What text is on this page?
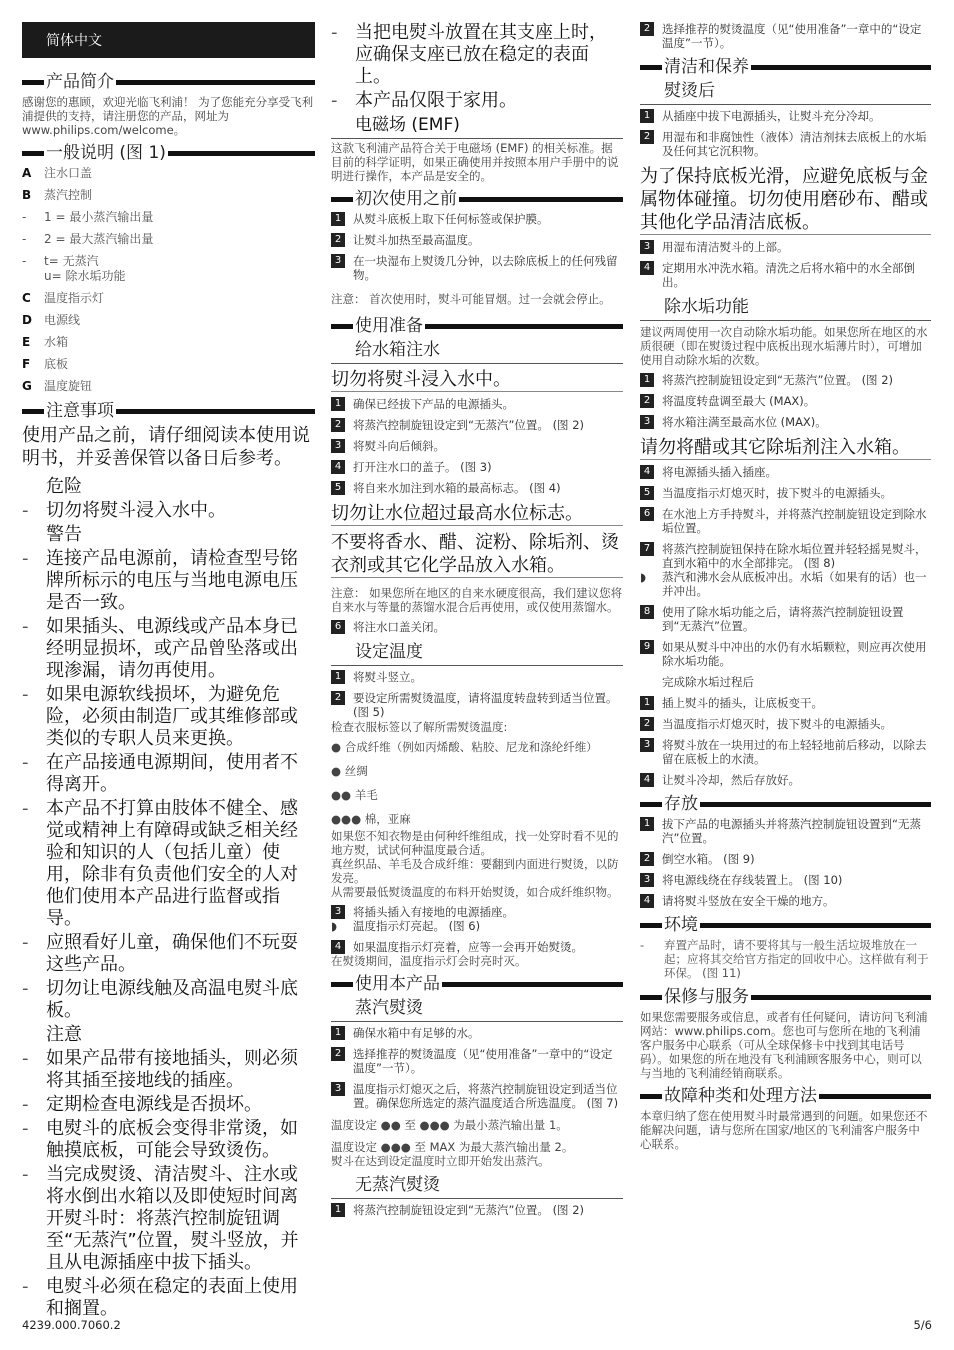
简体中文
产品简介
感谢您的惠顾，欢迎光临飞利浦！ 为了您能充分享受飞利浦提供的支持，请注册您的产品，网址为 www.philips.com/welcome。
一般说明 (图 1)
A	注水口盖
B	蒸汽控制
-	1 = 最小蒸汽输出量
-	2 = 最大蒸汽输出量
-	t= 无蒸汽
u= 除水垢功能
C	温度指示灯
D	电源线
E	水箱
F	底板
G	温度旋钮
注意事项
使用产品之前，请仔细阅读本使用说明书，并妥善保管以备日后参考。
危险
- 切勿将熨斗浸入水中。
警告
- 连接产品电源前，请检查型号铭牌所标示的电压与当地电源电压是否一致。
- 如果插头、电源线或产品本身已经明显损坏，或产品曾坠落或出现渗漏，请勿再使用。
- 如果电源软线损坏，为避免危险，必须由制造厂或其维修部或类似的专职人员来更换。
- 在产品接通电源期间，使用者不得离开。
- 本产品不打算由肢体不健全、感觉或精神上有障碍或缺乏相关经验和知识的人（包括儿童）使用，除非有负责他们安全的人对他们使用本产品进行监督或指导。
- 应照看好儿童，确保他们不玩耍这些产品。
- 切勿让电源线触及高温电熨斗底板。
注意
- 如果产品带有接地插头，则必须将其插至接地线的插座。
- 定期检查电源线是否损坏。
- 电熨斗的底板会变得非常烫，如触摸底板，可能会导致烫伤。
- 当完成熨烫、清洁熨斗、注水或将水倒出水箱以及即使短时间离开熨斗时：将蒸汽控制旋钮调至“无蒸汽”位置，熨斗竖放，并且从电源插座中拔下插头。
- 电熨斗必须在稳定的表面上使用和搁置。
- 当把电熨斗放置在其支座上时，应确保支座已放在稳定的表面上。
- 本产品仅限于家用。
电磁场 (EMF)
这款飞利浦产品符合关于电磁场 (EMF) 的相关标准。据目前的科学证明，如果正确使用并按照本用户手册中的说明进行操作，本产品是安全的。
初次使用之前
1	从熨斗底板上取下任何标签或保护膜。
2	让熨斗加热至最高温度。
3	在一块湿布上熨烫几分钟，以去除底板上的任何残留物。
注意： 首次使用时，熨斗可能冒烟。过一会就会停止。
使用准备
给水箱注水
切勿将熨斗浸入水中。
1	确保已经拔下产品的电源插头。
2	将蒸汽控制旋钮设定到“无蒸汽”位置。 (图 2)
3	将熨斗向后倾斜。
4	打开注水口的盖子。 (图 3)
5	将自来水加注到水箱的最高标志。 (图 4)
切勿让水位超过最高水位标志。
不要将香水、醋、淀粉、除垢剂、烫衣剂或其它化学品放入水箱。
注意： 如果您所在地区的自来水硬度很高，我们建议您将自来水与等量的蒸馏水混合后再使用，或仅使用蒸馏水。
6	将注水口盖关闭。
设定温度
1	将熨斗竖立。
2	要设定所需熨烫温度，请将温度转盘转到适当位置。 (图 5)
检查衣服标签以了解所需熨烫温度:
● 合成纤维（例如丙烯酸、粘胶、尼龙和涤纶纤维）
● 丝绸
●● 羊毛
●●● 棉，亚麻
如果您不知衣物是由何种纤维组成，找一处穿时看不见的地方熨，试试何种温度最合适。
真丝织品、羊毛及合成纤维：要翻到内面进行熨烫，以防发亮。
从需要最低熨烫温度的布料开始熨烫，如合成纤维织物。
3	将插头插入有接地的电源插座。
◗	温度指示灯亮起。 (图 6)
4	如果温度指示灯亮着，应等一会再开始熨烫。
在熨烫期间，温度指示灯会时亮时灭。
使用本产品
蒸汽熨烫
1	确保水箱中有足够的水。
2	选择推荐的熨烫温度（见“使用准备”一章中的“设定温度”一节）。
3	温度指示灯熄灭之后，将蒸汽控制旋钮设定到适当位置。确保您所选定的蒸汽温度适合所选温度。 (图 7)
温度设定 ●● 至 ●●● 为最小蒸汽输出量 1。
温度设定 ●●● 至 MAX 为最大蒸汽输出量 2。
熨斗在达到设定温度时立即开始发出蒸汽。
无蒸汽熨烫
1	将蒸汽控制旋钮设定到“无蒸汽”位置。 (图 2)
2	选择推荐的熨烫温度（见“使用准备”一章中的“设定温度”一节）。
清洁和保养
熨烫后
1	从插座中拔下电源插头，让熨斗充分冷却。
2	用湿布和非腐蚀性（液体）清洁剂抹去底板上的水垢及任何其它沉积物。
为了保持底板光滑，应避免底板与金属物体碰撞。切勿使用磨砂布、醋或其他化学品清洁底板。
3	用湿布清洁熨斗的上部。
4	定期用水冲洗水箱。清洗之后将水箱中的水全部倒出。
除水垢功能
建议两周使用一次自动除水垢功能。如果您所在地区的水质很硬（即在熨烫过程中底板出现水垢薄片时），可增加使用自动除水垢的次数。
1	将蒸汽控制旋钮设定到“无蒸汽”位置。 (图 2)
2	将温度转盘调至最大 (MAX)。
3	将水箱注满至最高水位 (MAX)。
请勿将醋或其它除垢剂注入水箱。
4	将电源插头插入插座。
5	当温度指示灯熄灭时，拔下熨斗的电源插头。
6	在水池上方手持熨斗，并将蒸汽控制旋钮设定到除水垢位置。
7	将蒸汽控制旋钮保持在除水垢位置并轻轻摇晃熨斗，直到水箱中的水全部排完。 (图 8)
◗	蒸汽和沸水会从底板冲出。水垢（如果有的话）也一并冲出。
8	使用了除水垢功能之后，请将蒸汽控制旋钮设置到“无蒸汽”位置。
9	如果从熨斗中冲出的水仍有水垢颗粒，则应再次使用除水垢功能。
完成除水垢过程后
1	插上熨斗的插头，让底板变干。
2	当温度指示灯熄灭时，拔下熨斗的电源插头。
3	将熨斗放在一块用过的布上轻轻地前后移动，以除去留在底板上的水渍。
4	让熨斗冷却，然后存放好。
存放
1	拔下产品的电源插头并将蒸汽控制旋钮设置到“无蒸汽”位置。
2	倒空水箱。 (图 9)
3	将电源线绕在存线装置上。 (图 10)
4	请将熨斗竖放在安全干燥的地方。
环境
-	弃置产品时，请不要将其与一般生活垃圾堆放在一起；应将其交给官方指定的回收中心。这样做有利于环保。 (图 11)
保修与服务
如果您需要服务或信息，或者有任何疑问，请访问飞利浦网站：www.philips.com。您也可与您所在地的飞利浦客户服务中心联系（可从全球保修卡中找到其电话号码）。如果您的所在地没有飞利浦顾客服务中心，则可以与当地的飞利浦经销商联系。
故障种类和处理方法
本章归纳了您在使用熨斗时最常遇到的问题。如果您还不能解决问题，请与您所在国家/地区的飞利浦客户服务中心联系。
4239.000.7060.2	5/6
